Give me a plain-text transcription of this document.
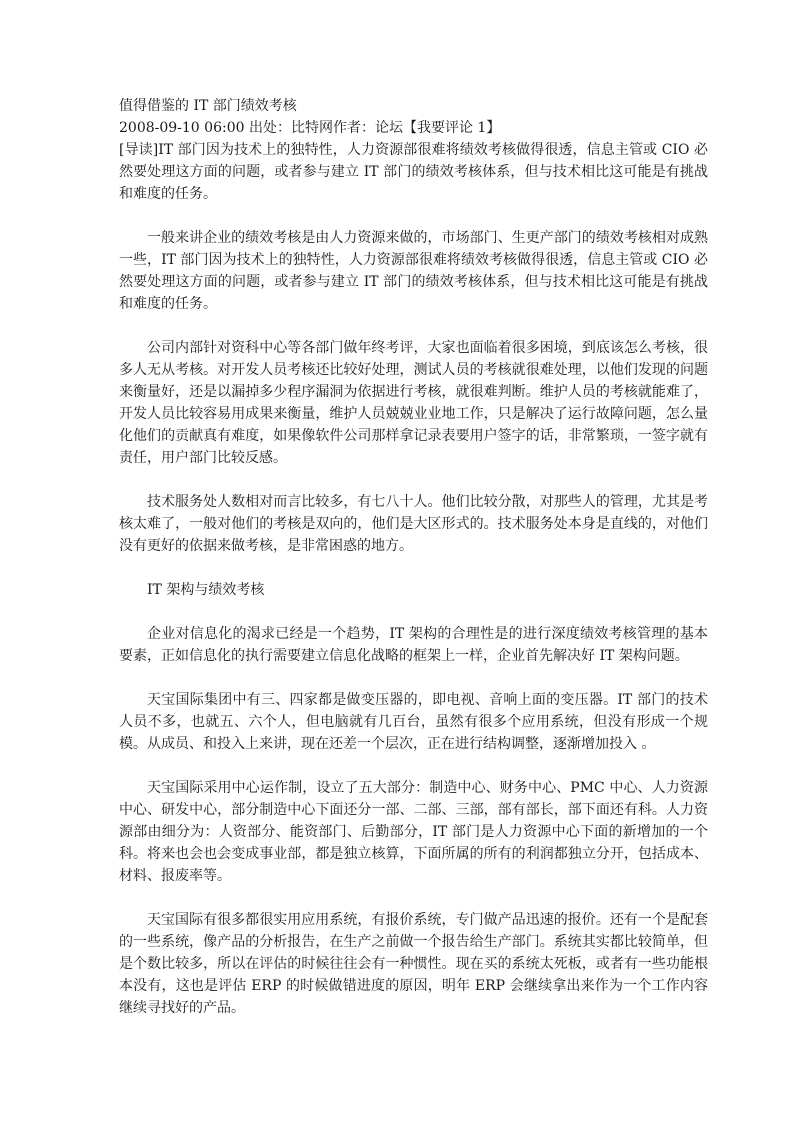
值得借鉴的 IT 部门绩效考核

2008-09-10 06:00 出处：比特网作者：论坛【我要评论 1】

[导读]IT 部门因为技术上的独特性，人力资源部很难将绩效考核做得很透，信息主管或 CIO 必然要处理这方面的问题，或者参与建立 IT 部门的绩效考核体系，但与技术相比这可能是有挑战和难度的任务。

一般来讲企业的绩效考核是由人力资源来做的，市场部门、生更产部门的绩效考核相对成熟一些，IT 部门因为技术上的独特性，人力资源部很难将绩效考核做得很透，信息主管或 CIO 必然要处理这方面的问题，或者参与建立 IT 部门的绩效考核体系，但与技术相比这可能是有挑战和难度的任务。

公司内部针对资科中心等各部门做年终考评，大家也面临着很多困境，到底该怎么考核，很多人无从考核。对开发人员考核还比较好处理，测试人员的考核就很难处理，以他们发现的问题来衡量好，还是以漏掉多少程序漏洞为依据进行考核，就很难判断。维护人员的考核就能难了，开发人员比较容易用成果来衡量，维护人员兢兢业业地工作，只是解决了运行故障问题，怎么量化他们的贡献真有难度，如果像软件公司那样拿记录表要用户签字的话，非常繁琐，一签字就有责任，用户部门比较反感。

技术服务处人数相对而言比较多，有七八十人。他们比较分散，对那些人的管理，尤其是考核太难了，一般对他们的考核是双向的，他们是大区形式的。技术服务处本身是直线的，对他们没有更好的依据来做考核，是非常困惑的地方。

IT 架构与绩效考核

企业对信息化的渴求已经是一个趋势，IT 架构的合理性是的进行深度绩效考核管理的基本要素，正如信息化的执行需要建立信息化战略的框架上一样，企业首先解决好 IT 架构问题。

天宝国际集团中有三、四家都是做变压器的，即电视、音响上面的变压器。IT 部门的技术人员不多，也就五、六个人，但电脑就有几百台，虽然有很多个应用系统，但没有形成一个规模。从成员、和投入上来讲，现在还差一个层次，正在进行结构调整，逐渐增加投入 。

天宝国际采用中心运作制，设立了五大部分：制造中心、财务中心、PMC 中心、人力资源中心、研发中心，部分制造中心下面还分一部、二部、三部，部有部长，部下面还有科。人力资源部由细分为：人资部分、能资部门、后勤部分，IT 部门是人力资源中心下面的新增加的一个科。将来也会也会变成事业部，都是独立核算，下面所属的所有的利润都独立分开，包括成本、材料、报废率等。

天宝国际有很多都很实用应用系统，有报价系统，专门做产品迅速的报价。还有一个是配套的一些系统，像产品的分析报告，在生产之前做一个报告给生产部门。系统其实都比较简单，但是个数比较多，所以在评估的时候往往会有一种惯性。现在买的系统太死板，或者有一些功能根本没有，这也是评估 ERP 的时候做错进度的原因，明年 ERP 会继续拿出来作为一个工作内容继续寻找好的产品。
